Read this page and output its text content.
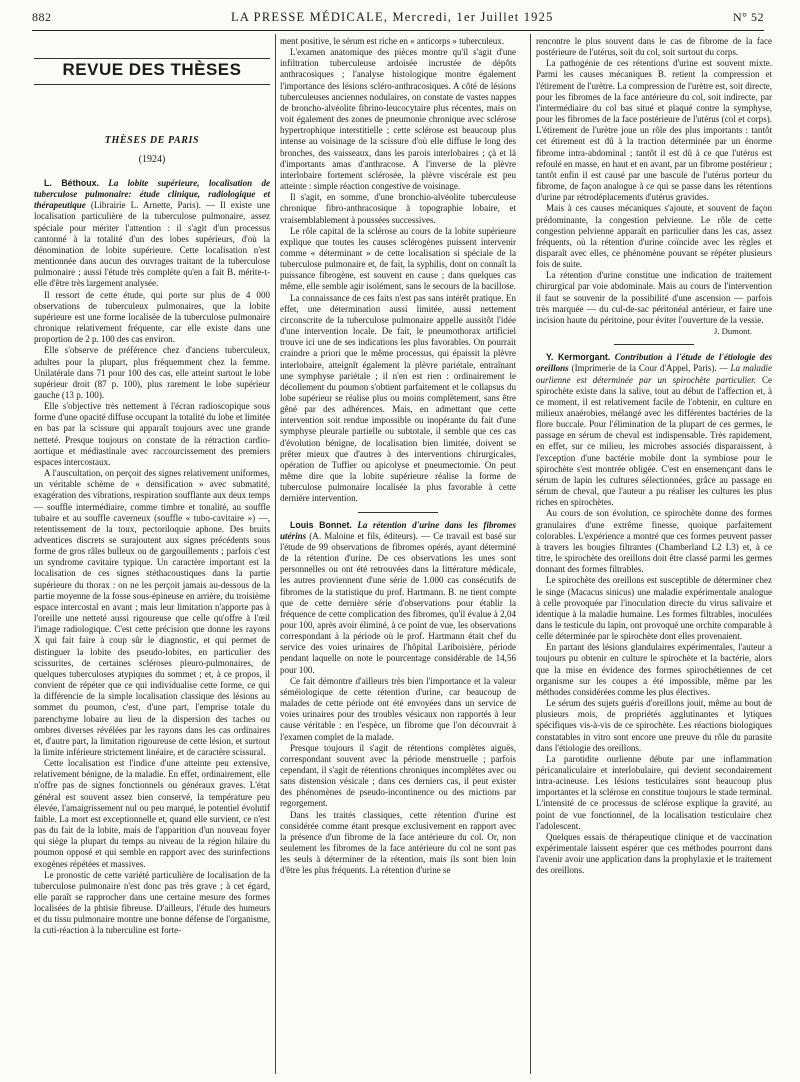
882	LA PRESSE MÉDICALE, Mercredi, 1er Juillet 1925	N° 52
REVUE DES THÈSES
THÈSES DE PARIS
(1924)

L. Béthoux. La lobite supérieure, localisation de tuberculose pulmonaire: étude clinique, radiologique et thérapeutique (Librairie L. Arnette, Paris). — Il existe une localisation particulière de la tuberculose pulmonaire, assez spéciale pour mériter l'attention : il s'agit d'un processus cantonné à la totalité d'un des lobes supérieurs, d'où la dénomination de lobite supérieure. Cette localisation n'est mentionnée dans aucun des ouvrages traitant de la tuberculose pulmonaire ; aussi l'étude très complète qu'en a fait B. mérite-t-elle d'être très largement analysée.

Il ressort de cette étude, qui porte sur plus de 4 000 observations de tuberculeux pulmonaires, que la lobite supérieure est une forme localisée de la tuberculose pulmonaire chronique relativement fréquente, car elle existe dans une proportion de 2 p. 100 des cas environ.

Elle s'observe de préférence chez d'anciens tuberculeux, adultes pour la plupart, plus fréquemment chez la femme. Unilatérale dans 71 pour 100 des cas, elle atteint surtout le lobe supérieur droit (87 p. 100), plus rarement le lobe supérieur gauche (13 p. 100).

Elle s'objective très nettement à l'écran radioscopique sous forme d'une opacité diffuse occupant la totalité du lobe et limitée en bas par la scissure qui apparaît toujours avec une grande netteté. Presque toujours on constate de la rétraction cardio-aortique et médiastinale avec raccourcissement des premiers espaces intercostaux.

A l'auscultation, on perçoit des signes relativement uniformes, un véritable schème de « densification » avec submatité, exagération des vibrations, respiration soufflante aux deux temps — souffle intermédiaire, comme timbre et tonalité, au souffle tubaire et au souffle caverneux (souffle « tubo-cavitaire ») —, retentissement de la toux, pectoriloquie aphone. Des bruits adventices discrets se surajoutent aux signes précédents sous forme de gros râles bulleux ou de gargouillements ; parfois c'est un syndrome cavitaire typique. Un caractère important est la localisation de ces signes stéthacoustiques dans la partie supérieure du thorax : on ne les perçoit jamais au-dessous de la partie moyenne de la fosse sous-épineuse en arrière, du troisième espace intercostal en avant ; mais leur limitation n'apporte pas à l'oreille une netteté aussi rigoureuse que celle qu'offre à l'œil l'image radiologique. C'est cette précision que donne les rayons X qui fait faire à coup sûr le diagnostic, et qui permet de distinguer la lobite des pseudo-lobites, en particulier des scissurites, de certaines scléroses pleuro-pulmonaires, de quelques tuberculoses atypiques du sommet ; et, à ce propos, il convient de répéter que ce qui individualise cette forme, ce qui la différencie de la simple localisation classique des lésions au sommet du poumon, c'est, d'une part, l'emprise totale du parenchyme lobaire au lieu de la dispersion des taches ou ombres diverses révélées par les rayons dans les cas ordinaires et, d'autre part, la limitation rigoureuse de cette lésion, et surtout la limite inférieure strictement linéaire, et de caractère scissural.

Cette localisation est l'indice d'une atteinte peu extensive, relativement bénigne, de la maladie. En effet, ordinairement, elle n'offre pas de signes fonctionnels ou généraux graves. L'état général est souvent assez bien conservé, la température peu élevée, l'amaigrissement nul ou peu marqué, le potentiel évolutif faible. La mort est exceptionnelle et, quand elle survient, ce n'est pas du fait de la lobite, mais de l'apparition d'un nouveau foyer qui siège la plupart du temps au niveau de la région hilaire du poumon opposé et qui semble en rapport avec des surinfections exogènes répétées et massives.

Le pronostic de cette variété particulière de localisation de la tuberculose pulmonaire n'est donc pas très grave ; à cet égard, elle paraît se rapprocher dans une certaine mesure des formes localisées de la phtisie fibreuse. D'ailleurs, l'étude des humeurs et du tissu pulmonaire montre une bonne défense de l'organisme, la cuti-réaction à la tuberculine est forte-

ment positive, le sérum est riche en « anticorps » tuberculeux.

L'examen anatomique des pièces montre qu'il s'agit d'une infiltration tuberculeuse ardoisée incrustée de dépôts anthracosiques ; l'analyse histologique montre également l'importance des lésions scléro-anthracosiques. A côté de lésions tuberculeuses anciennes nodulaires, on constate de vastes nappes de broncho-alvéolite fibrino-leucocytaire plus récentes, mais on voit également des zones de pneumonie chronique avec sclérose hypertrophique interstitielle ; cette sclérose est beaucoup plus intense au voisinage de la scissure d'où elle diffuse le long des bronches, des vaisseaux, dans les parois interlobaires ; çà et là d'importants amas d'anthracose. A l'inverse de la plèvre interlobaire fortement sclérosée, la plèvre viscérale est peu atteinte : simple réaction congestive de voisinage.

Il s'agit, en somme, d'une bronchio-alvéolite tuberculeuse chronique fibro-anthracosique à topographie lobaire, et vraisemblablement à poussées successives.

Le rôle capital de la sclérose au cours de la lobite supérieure explique que toutes les causes sclérogènes puissent intervenir comme « déterminant » de cette localisation si spéciale de la tuberculose pulmonaire et, de fait, la syphilis, dont on connaît la puissance fibrogène, est souvent en cause ; dans quelques cas même, elle semble agir isolément, sans le secours de la bacillose.

La connaissance de ces faits n'est pas sans intérêt pratique. En effet, une détermination aussi limitée, aussi nettement circonscrite de la tuberculose pulmonaire appelle aussitôt l'idée d'une intervention locale. De fait, le pneumothorax artificiel trouve ici une de ses indications les plus favorables. On pourrait craindre a priori que le même processus, qui épaissit la plèvre interlobaire, atteignît également la plèvre pariétale, entraînant une symphyse pariétale ; il n'en est rien : ordinairement le décollement du poumon s'obtient parfaitement et le collapsus du lobe supérieur se réalise plus ou moins complètement, sans être gêné par des adhérences. Mais, en admettant que cette intervention soit rendue impossible ou inopérante du fait d'une symphyse pleurale partielle ou subtotale, il semble que ces cas d'évolution bénigne, de localisation bien limitée, doivent se prêter mieux que d'autres à des interventions chirurgicales, opération de Tuffier ou apicolyse et pneumectomie. On peut même dire que la lobite supérieure réalise la forme de tuberculose pulmonaire localisée la plus favorable à cette dernière intervention.

Louis Bonnet. La rétention d'urine dans les fibromes utérins (A. Maloine et fils, éditeurs). — Ce travail est basé sur l'étude de 99 observations de fibromes opérés, ayant déterminé de la rétention d'urine. De ces observations les unes sont personnelles ou ont été retrouvées dans la littérature médicale, les autres proviennent d'une série de 1.000 cas consécutifs de fibromes de la statistique du prof. Hartmann. B. ne tient compte que de cette dernière série d'observations pour établir la fréquence de cette complication des fibromes, qu'il évalue à 2,04 pour 100, après avoir éliminé, à ce point de vue, les observations correspondant à la période où le prof. Hartmann était chef du service des voies urinaires de l'hôpital Lariboisière, période pendant laquelle on note le pourcentage considérable de 14,56 pour 100.

Ce fait démontre d'ailleurs très bien l'importance et la valeur séméiologique de cette rétention d'urine, car beaucoup de malades de cette période ont été envoyées dans un service de voies urinaires pour des troubles vésicaux non rapportés à leur cause véritable : en l'espèce, un fibrome que l'on découvrait à l'examen complet de la malade.

Presque toujours il s'agit de rétentions complètes aiguës, correspondant souvent avec la période menstruelle ; parfois cependant, il s'agit de rétentions chroniques incomplètes avec ou sans distension vésicale ; dans ces derniers cas, il peut exister des phénomènes de pseudo-incontinence ou des mictions par regorgement.

Dans les traités classiques, cette rétention d'urine est considérée comme étant presque exclusivement en rapport avec la présence d'un fibrome de la face antérieure du col. Or, non seulement les fibromes de la face antérieure du col ne sont pas les seuls à déterminer de la rétention, mais ils sont bien loin d'être les plus fréquents. La rétention d'urine se

rencontre le plus souvent dans le cas de fibrome de la face postérieure de l'utérus, soit du col, soit surtout du corps.

La pathogénie de ces rétentions d'urine est souvent mixte. Parmi les causes mécaniques B. retient la compression et l'étirement de l'urètre. La compression de l'urètre est, soit directe, pour les fibromes de la face antérieure du col, soit indirecte, par l'intermédiaire du col bas situé et plaqué contre la symphyse, pour les fibromes de la face postérieure de l'utérus (col et corps). L'étirement de l'urètre joue un rôle des plus importants : tantôt cet étirement est dû à la traction déterminée par un énorme fibrome intra-abdominal ; tantôt il est dû à ce que l'utérus est refoulé en masse, en haut et en avant, par un fibrome postérieur ; tantôt enfin il est causé par une bascule de l'utérus porteur du fibrome, de façon analogue à ce qui se passe dans les rétentions d'urine par rétrodéplacements d'utérus gravides.

Mais à ces causes mécaniques s'ajoute, et souvent de façon prédominante, la congestion pelvienne. Le rôle de cette congestion pelvienne apparaît en particulier dans les cas, assez fréquents, où la rétention d'urine coïncide avec les règles et disparaît avec elles, ce phénomène pouvant se répéter plusieurs fois de suite.

La rétention d'urine constitue une indication de traitement chirurgical par voie abdominale. Mais au cours de l'intervention il faut se souvenir de la possibilité d'une ascension — parfois très marquée — du cul-de-sac péritonéal antérieur, et faire une incision haute du péritoine, pour éviter l'ouverture de la vessie.

J. Dumont.

Y. Kermorgant. Contribution à l'étude de l'étiologie des oreillons (Imprimerie de la Cour d'Appel, Paris). — La maladie ourlienne est déterminée par un spirochète particulier. Ce spirochète existe dans la salive, tout au début de l'affection et, à ce moment, il est relativement facile de l'obtenir, en culture en milieux anaérobies, mélangé avec les différentes bactéries de la flore buccale. Pour l'élimination de la plupart de ces germes, le passage en sérum de cheval est indispensable. Très rapidement, en effet, sur ce milieu, les microbes associés disparaissent, à l'exception d'une bactérie mobile dont la symbiose pour le spirochète s'est montrée obligée. C'est en ensemençant dans le sérum de lapin les cultures sélectionnées, grâce au passage en sérum de cheval, que l'auteur a pu réaliser les cultures les plus riches en spirochètes.

Au cours de son évolution, ce spirochète donne des formes granulaires d'une extrême finesse, quoique parfaitement colorables. L'expérience a montré que ces formes peuvent passer à travers les bougies filtrantes (Chamberland L2 L3) et, à ce titre, le spirochète des oreillons doit être classé parmi les germes donnant des formes filtrables.

Le spirochète des oreillons est susceptible de déterminer chez le singe (Macacus sinicus) une maladie expérimentale analogue à celle provoquée par l'inoculation directe du virus salivaire et identique à la maladie humaine. Les formes filtrables, inoculées dans le testicule du lapin, ont provoqué une orchite comparable à celle déterminée par le spirochète dont elles provenaient.

En partant des lésions glandulaires expérimentales, l'auteur a toujours pu obtenir en culture le spirochète et la bactérie, alors que la mise en évidence des formes spirochétiennes de cet organisme sur les coupes a été impossible, même par les méthodes considérées comme les plus électives.

Le sérum des sujets guéris d'oreillons jouit, même au bout de plusieurs mois, de propriétés agglutinantes et lytiques spécifiques vis-à-vis de ce spirochète. Les réactions biologiques constatables in vitro sont encore une preuve du rôle du parasite dans l'étiologie des oreillons.

La parotidite ourlienne débute par une inflammation péricanaliculaire et interlobulaire, qui devient secondairement intra-acineuse. Les lésions testiculaires sont beaucoup plus importantes et la sclérose en constitue toujours le stade terminal. L'intensité de ce processus de sclérose explique la gravité, au point de vue fonctionnel, de la localisation testiculaire chez l'adolescent.

Quelques essais de thérapeutique clinique et de vaccination expérimentale laissent espérer que ces méthodes pourront dans l'avenir avoir une application dans la prophylaxie et le traitement des oreillons.
